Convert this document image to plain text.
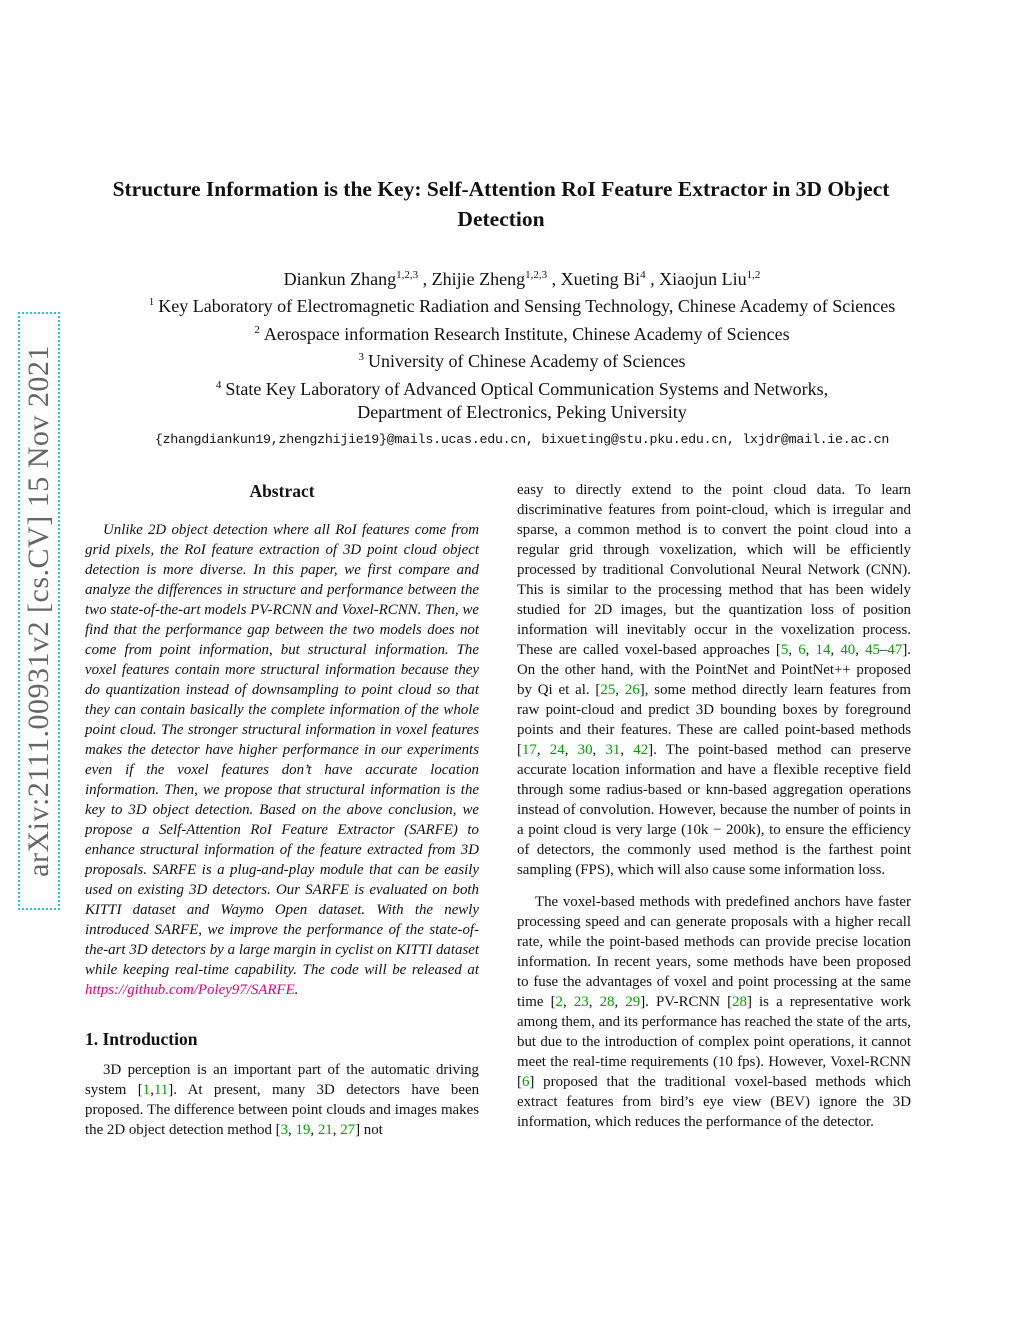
arXiv:2111.00931v2 [cs.CV] 15 Nov 2021
Structure Information is the Key: Self-Attention RoI Feature Extractor in 3D Object Detection
Diankun Zhang$^{1,2,3}$ , Zhijie Zheng$^{1,2,3}$ , Xueting Bi$^4$ , Xiaojun Liu$^{1,2}$
$^1$ Key Laboratory of Electromagnetic Radiation and Sensing Technology, Chinese Academy of Sciences
$^2$ Aerospace information Research Institute, Chinese Academy of Sciences
$^3$ University of Chinese Academy of Sciences
$^4$ State Key Laboratory of Advanced Optical Communication Systems and Networks,
Department of Electronics, Peking University
{zhangdiankun19,zhengzhijie19}@mails.ucas.edu.cn, bixueting@stu.pku.edu.cn, lxjdr@mail.ie.ac.cn

Abstract

Unlike 2D object detection where all RoI features come from grid pixels, the RoI feature extraction of 3D point cloud object detection is more diverse. In this paper, we first compare and analyze the differences in structure and performance between the two state-of-the-art models PV-RCNN and Voxel-RCNN. Then, we find that the performance gap between the two models does not come from point information, but structural information. The voxel features contain more structural information because they do quantization instead of downsampling to point cloud so that they can contain basically the complete information of the whole point cloud. The stronger structural information in voxel features makes the detector have higher performance in our experiments even if the voxel features don’t have accurate location information. Then, we propose that structural information is the key to 3D object detection. Based on the above conclusion, we propose a Self-Attention RoI Feature Extractor (SARFE) to enhance structural information of the feature extracted from 3D proposals. SARFE is a plug-and-play module that can be easily used on existing 3D detectors. Our SARFE is evaluated on both KITTI dataset and Waymo Open dataset. With the newly introduced SARFE, we improve the performance of the state-of-the-art 3D detectors by a large margin in cyclist on KITTI dataset while keeping real-time capability. The code will be released at https://github.com/Poley97/SARFE.

1. Introduction

3D perception is an important part of the automatic driving system [1,11]. At present, many 3D detectors have been proposed. The difference between point clouds and images makes the 2D object detection method [3, 19, 21, 27] not

easy to directly extend to the point cloud data. To learn discriminative features from point-cloud, which is irregular and sparse, a common method is to convert the point cloud into a regular grid through voxelization, which will be efficiently processed by traditional Convolutional Neural Network (CNN). This is similar to the processing method that has been widely studied for 2D images, but the quantization loss of position information will inevitably occur in the voxelization process. These are called voxel-based approaches [5, 6, 14, 40, 45–47]. On the other hand, with the PointNet and PointNet++ proposed by Qi et al. [25, 26], some method directly learn features from raw point-cloud and predict 3D bounding boxes by foreground points and their features. These are called point-based methods [17, 24, 30, 31, 42]. The point-based method can preserve accurate location information and have a flexible receptive field through some radius-based or knn-based aggregation operations instead of convolution. However, because the number of points in a point cloud is very large (10k − 200k), to ensure the efficiency of detectors, the commonly used method is the farthest point sampling (FPS), which will also cause some information loss.

The voxel-based methods with predefined anchors have faster processing speed and can generate proposals with a higher recall rate, while the point-based methods can provide precise location information. In recent years, some methods have been proposed to fuse the advantages of voxel and point processing at the same time [2, 23, 28, 29]. PV-RCNN [28] is a representative work among them, and its performance has reached the state of the arts, but due to the introduction of complex point operations, it cannot meet the real-time requirements (10 fps). However, Voxel-RCNN [6] proposed that the traditional voxel-based methods which extract features from bird’s eye view (BEV) ignore the 3D information, which reduces the performance of the detector.
